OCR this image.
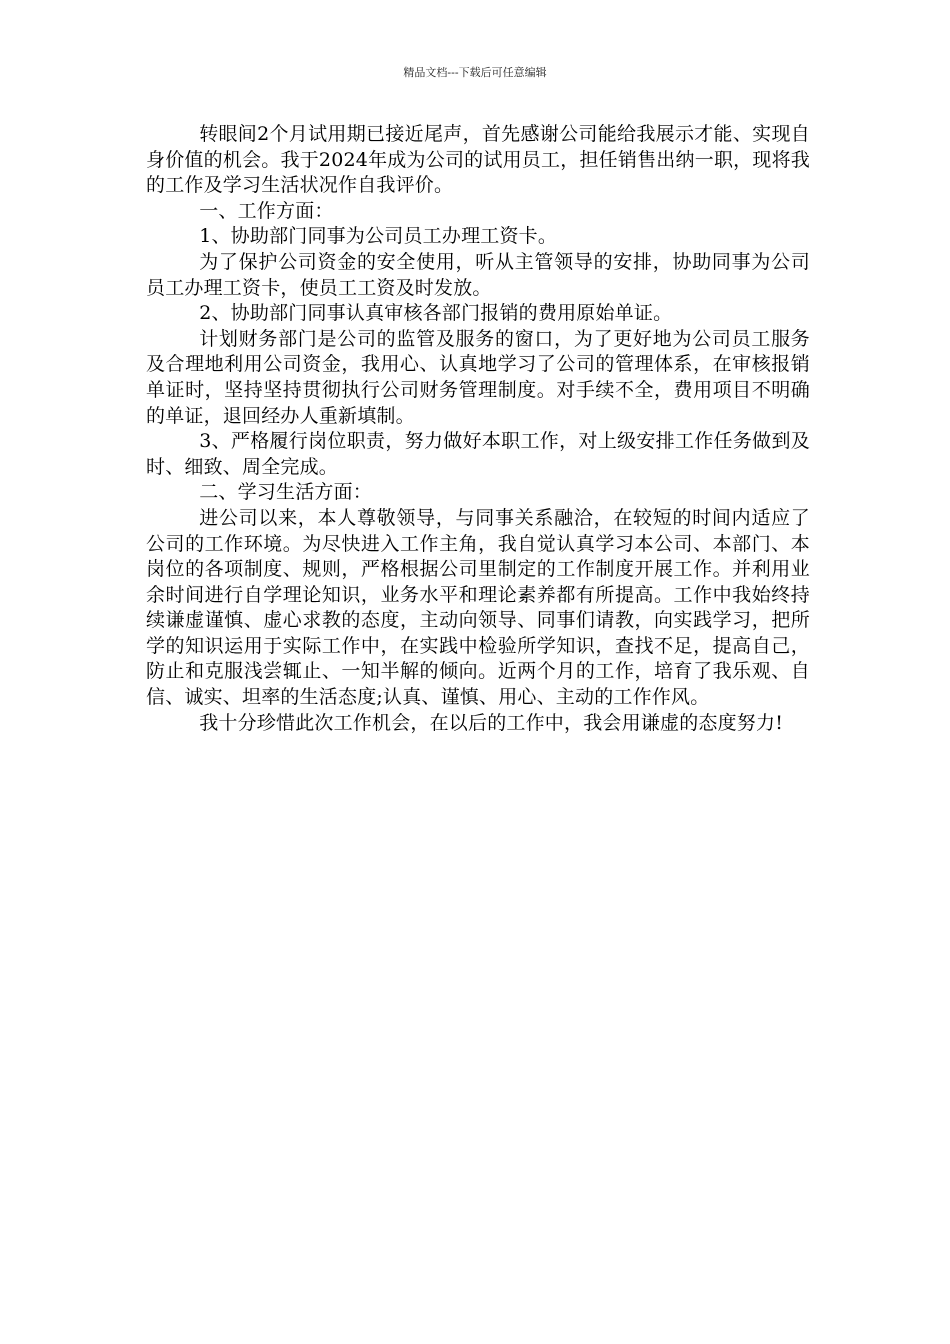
精品文档---下载后可任意编辑

转眼间2个月试用期已接近尾声，首先感谢公司能给我展示才能、实现自身价值的机会。我于2024年成为公司的试用员工，担任销售出纳一职，现将我的工作及学习生活状况作自我评价。

一、工作方面：

1、协助部门同事为公司员工办理工资卡。

为了保护公司资金的安全使用，听从主管领导的安排，协助同事为公司员工办理工资卡，使员工工资及时发放。

2、协助部门同事认真审核各部门报销的费用原始单证。

计划财务部门是公司的监管及服务的窗口，为了更好地为公司员工服务及合理地利用公司资金，我用心、认真地学习了公司的管理体系，在审核报销单证时，坚持坚持贯彻执行公司财务管理制度。对手续不全，费用项目不明确的单证，退回经办人重新填制。

3、严格履行岗位职责，努力做好本职工作，对上级安排工作任务做到及时、细致、周全完成。

二、学习生活方面：

进公司以来，本人尊敬领导，与同事关系融洽，在较短的时间内适应了公司的工作环境。为尽快进入工作主角，我自觉认真学习本公司、本部门、本岗位的各项制度、规则，严格根据公司里制定的工作制度开展工作。并利用业余时间进行自学理论知识，业务水平和理论素养都有所提高。工作中我始终持续谦虚谨慎、虚心求教的态度，主动向领导、同事们请教，向实践学习，把所学的知识运用于实际工作中，在实践中检验所学知识，查找不足，提高自己，防止和克服浅尝辄止、一知半解的倾向。近两个月的工作，培育了我乐观、自信、诚实、坦率的生活态度;认真、谨慎、用心、主动的工作作风。

我十分珍惜此次工作机会，在以后的工作中，我会用谦虚的态度努力!
